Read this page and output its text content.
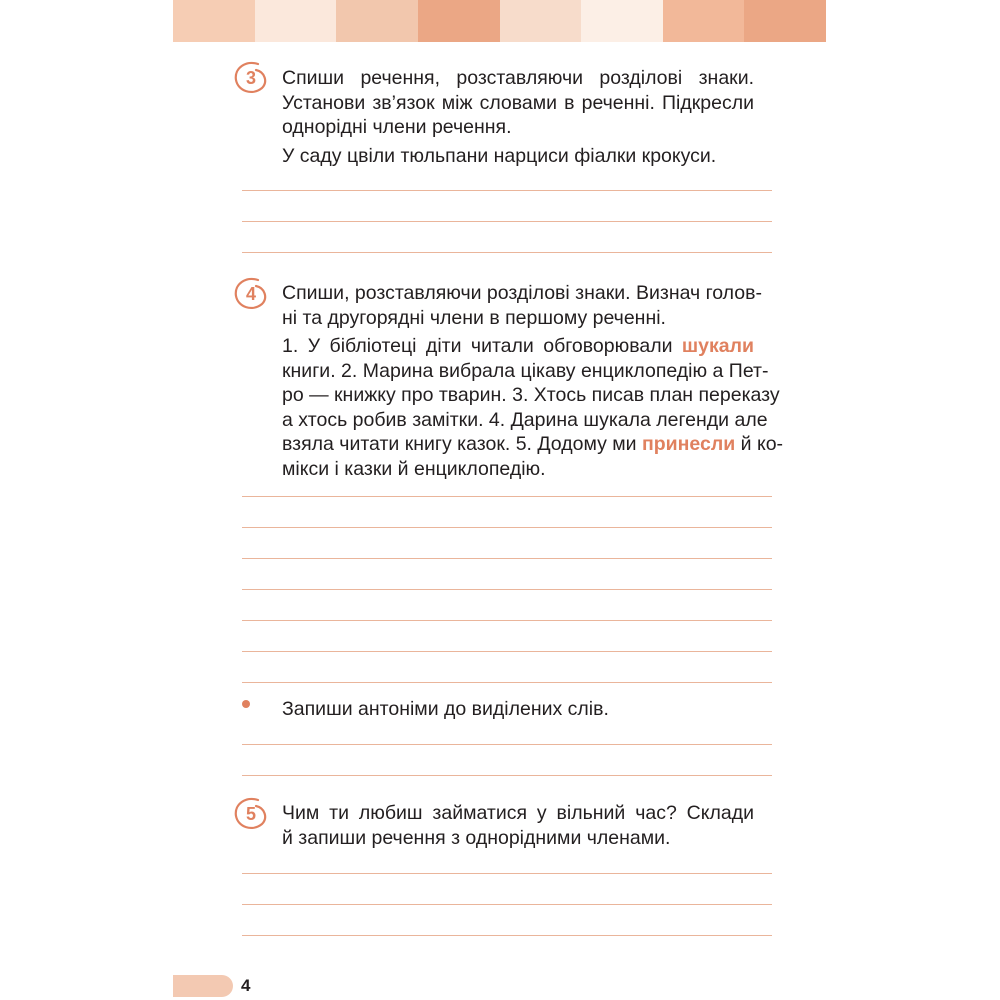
3	Спиши речення, розставляючи розділові знаки.
Установи зв’язок між словами в реченні. Підкресли
однорідні члени речення.
У саду цвіли тюльпани нарциси фіалки крокуси.
4	Спиши, розставляючи розділові знаки. Визнач голов-
ні та другорядні члени в першому реченні.
1. У бібліотеці діти читали обговорювали шукали
книги. 2. Марина вибрала цікаву енциклопедію а Пет-
ро — книжку про тварин. 3. Хтось писав план переказу
а хтось робив замітки. 4. Дарина шукала легенди але
взяла читати книгу казок. 5. Додому ми принесли й ко-
мікси і казки й енциклопедію.
Запиши антоніми до виділених слів.
5	Чим ти любиш займатися у вільний час? Склади
й запиши речення з однорідними членами.
4
